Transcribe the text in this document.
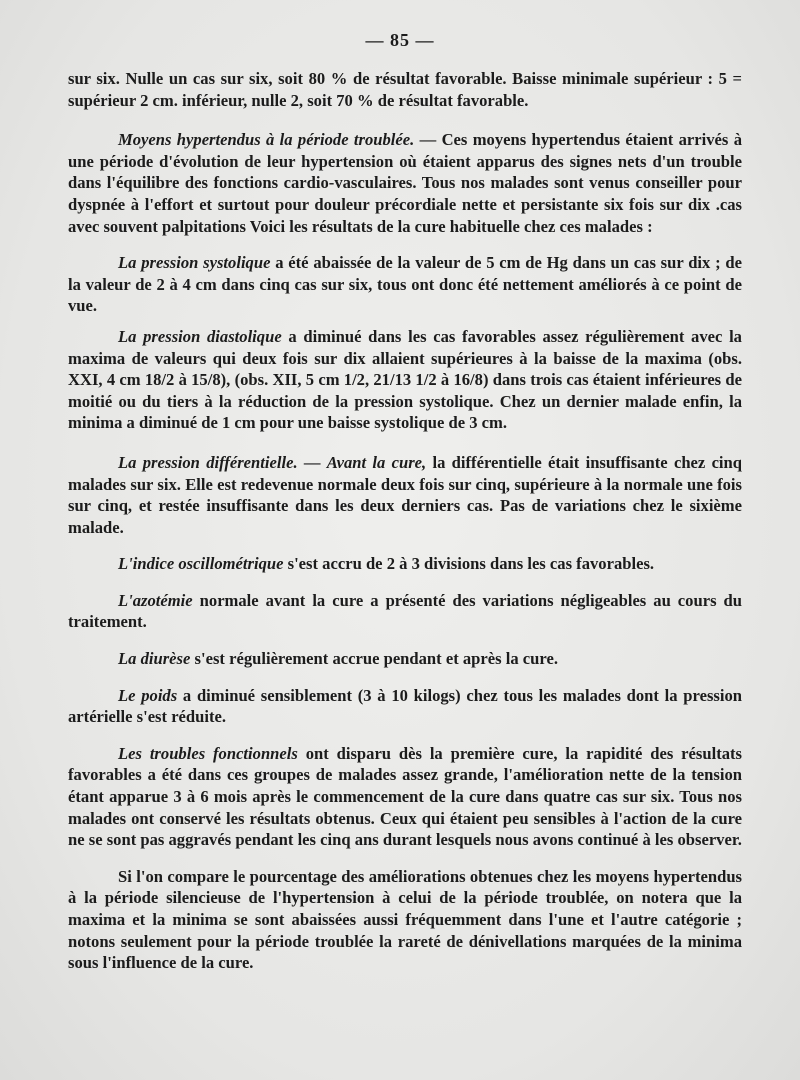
— 85 —

sur six. Nulle un cas sur six, soit 80 % de résultat favorable. Baisse minimale supérieur : 5 = supérieur 2 cm. inférieur, nulle 2, soit 70 % de résultat favorable.

Moyens hypertendus à la période troublée. — Ces moyens hypertendus étaient arrivés à une période d'évolution de leur hypertension où étaient apparus des signes nets d'un trouble dans l'équilibre des fonctions cardio-vasculaires. Tous nos malades sont venus conseiller pour dyspnée à l'effort et surtout pour douleur précordiale nette et persistante six fois sur dix .cas avec souvent palpitations Voici les résultats de la cure habituelle chez ces malades :

La pression systolique a été abaissée de la valeur de 5 cm de Hg dans un cas sur dix ; de la valeur de 2 à 4 cm dans cinq cas sur six, tous ont donc été nettement améliorés à ce point de vue.

La pression diastolique a diminué dans les cas favorables assez régulièrement avec la maxima de valeurs qui deux fois sur dix allaient supérieures à la baisse de la maxima (obs. XXI, 4 cm 18/2 à 15/8), (obs. XII, 5 cm 1/2, 21/13 1/2 à 16/8) dans trois cas étaient inférieures de moitié ou du tiers à la réduction de la pression systolique. Chez un dernier malade enfin, la minima a diminué de 1 cm pour une baisse systolique de 3 cm.

La pression différentielle. — Avant la cure, la différentielle était insuffisante chez cinq malades sur six. Elle est redevenue normale deux fois sur cinq, supérieure à la normale une fois sur cinq, et restée insuffisante dans les deux derniers cas. Pas de variations chez le sixième malade.

L'indice oscillométrique s'est accru de 2 à 3 divisions dans les cas favorables.

L'azotémie normale avant la cure a présenté des variations négligeables au cours du traitement.

La diurèse s'est régulièrement accrue pendant et après la cure.

Le poids a diminué sensiblement (3 à 10 kilogs) chez tous les malades dont la pression artérielle s'est réduite.

Les troubles fonctionnels ont disparu dès la première cure, la rapidité des résultats favorables a été dans ces groupes de malades assez grande, l'amélioration nette de la tension étant apparue 3 à 6 mois après le commencement de la cure dans quatre cas sur six. Tous nos malades ont conservé les résultats obtenus. Ceux qui étaient peu sensibles à l'action de la cure ne se sont pas aggravés pendant les cinq ans durant lesquels nous avons continué à les observer.

Si l'on compare le pourcentage des améliorations obtenues chez les moyens hypertendus à la période silencieuse de l'hypertension à celui de la période troublée, on notera que la maxima et la minima se sont abaissées aussi fréquemment dans l'une et l'autre catégorie ; notons seulement pour la période troublée la rareté de dénivellations marquées de la minima sous l'influence de la cure.
